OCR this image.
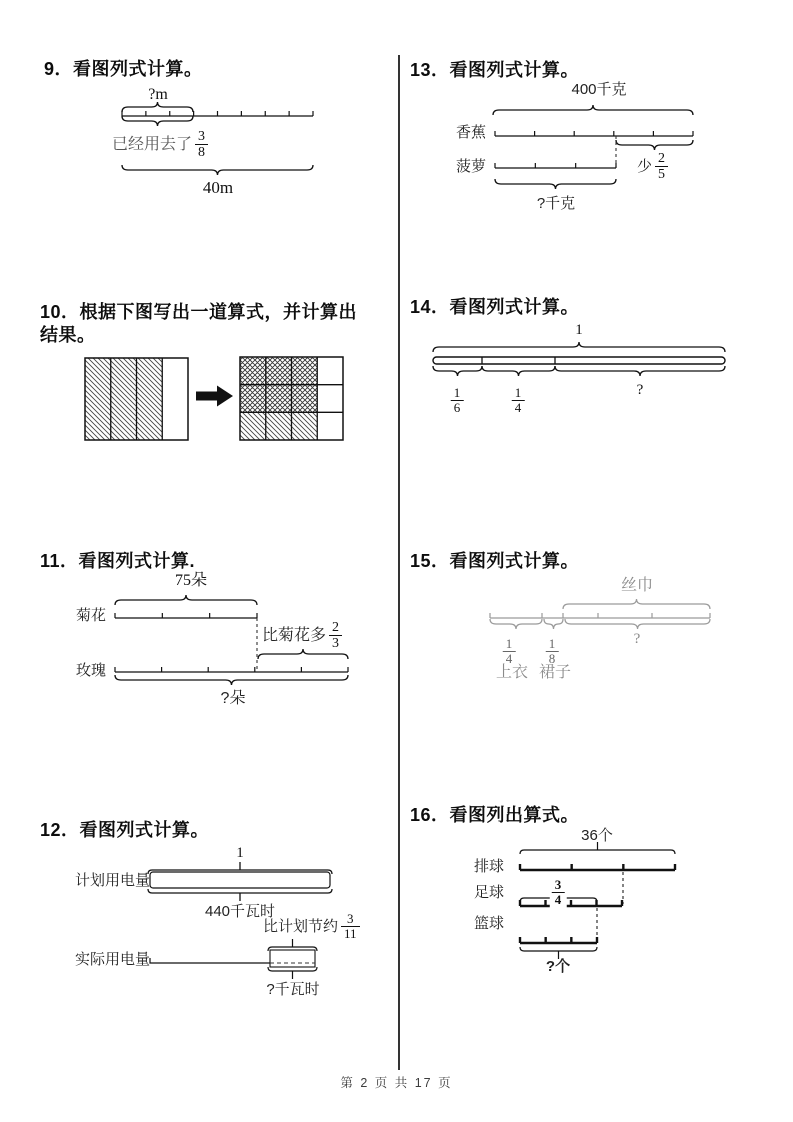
9．看图列式计算。
?m
已经用去了 $\frac{3}{8}$
40m
10．根据下图写出一道算式，并计算出
结果。
11．看图列式计算.
75朵
菊花
比菊花多 $\frac{2}{3}$
玫瑰
?朵
12．看图列式计算。
1
计划用电量
440千瓦时
比计划节约 $\frac{3}{11}$
实际用电量
?千瓦时
13．看图列式计算。
400千克
香蕉
少 $\frac{2}{5}$
菠萝
?千克
14．看图列式计算。
1
$\frac{1}{6}$	$\frac{1}{4}$	?
15．看图列式计算。
丝巾
$\frac{1}{4} \frac{1}{8}$	?
上衣 裙子
16．看图列出算式。
36个
排球
足球	$\frac{3}{4}$
篮球
?个
第 2 页 共 17 页
